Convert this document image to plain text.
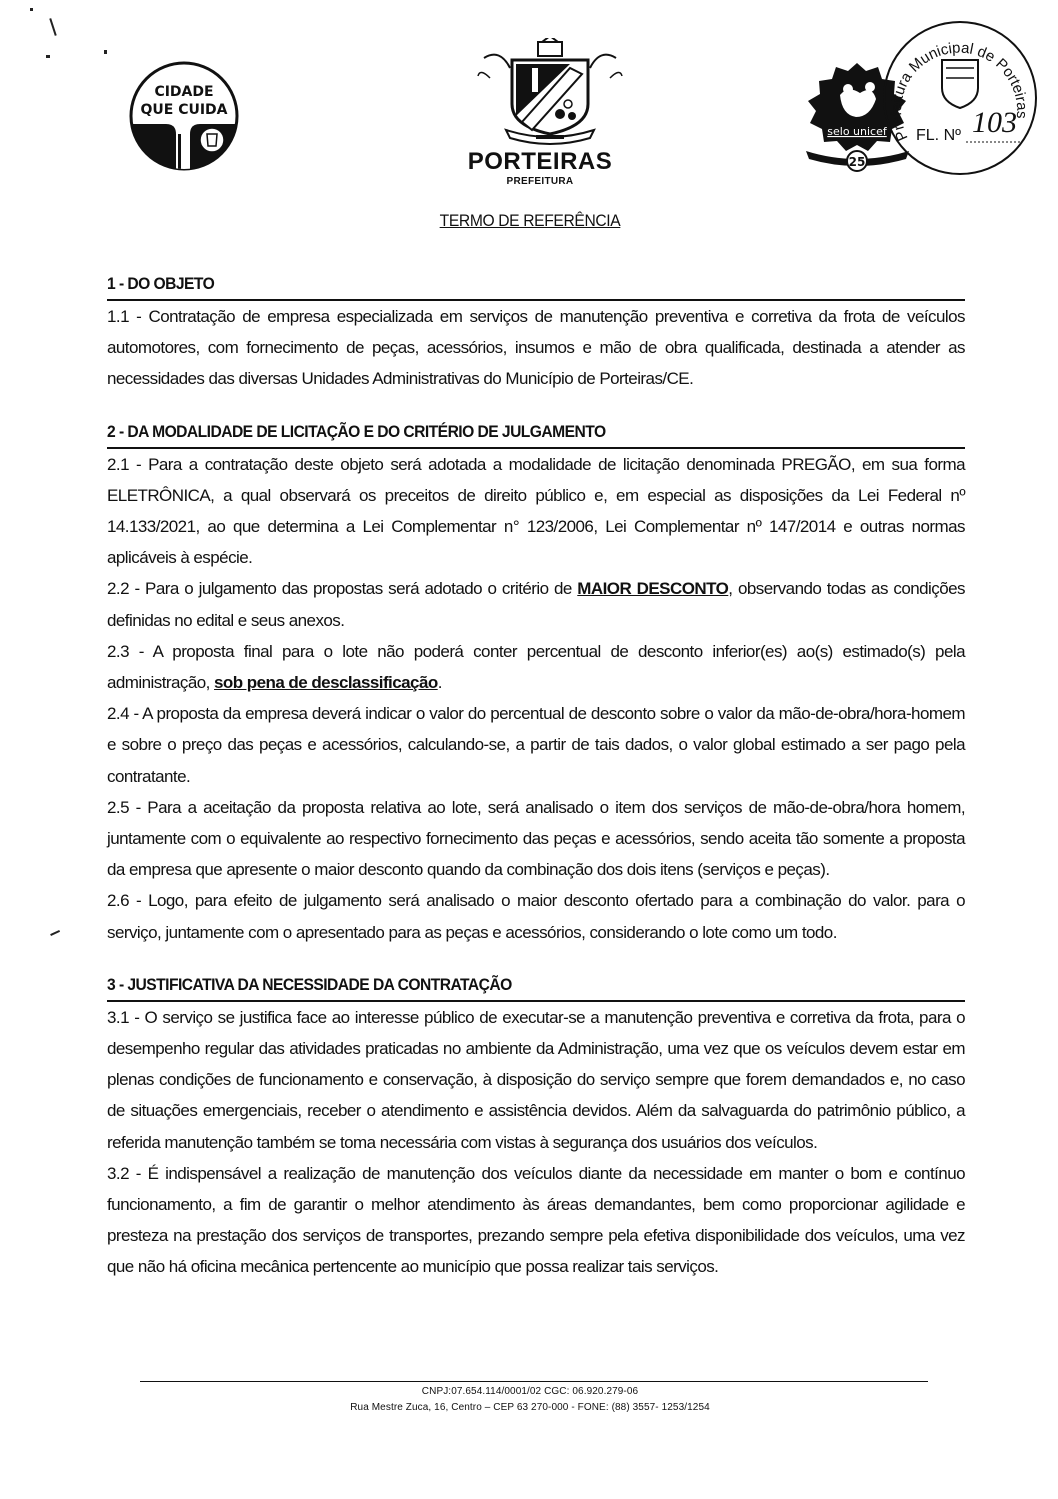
CIDADE
QUE CUIDA
PORTEIRAS
PREFEITURA
selo unicef
25
Prefeitura Municipal de Porteiras
FL. Nº 103
TERMO DE REFERÊNCIA
1 - DO OBJETO

1.1 - Contratação de empresa especializada em serviços de manutenção preventiva e corretiva da frota de veículos automotores, com fornecimento de peças, acessórios, insumos e mão de obra qualificada, destinada a atender as necessidades das diversas Unidades Administrativas do Município de Porteiras/CE.

2 - DA MODALIDADE DE LICITAÇÃO E DO CRITÉRIO DE JULGAMENTO

2.1 - Para a contratação deste objeto será adotada a modalidade de licitação denominada PREGÃO, em sua forma ELETRÔNICA, a qual observará os preceitos de direito público e, em especial as disposições da Lei Federal nº 14.133/2021, ao que determina a Lei Complementar n° 123/2006, Lei Complementar nº 147/2014 e outras normas aplicáveis à espécie.

2.2 - Para o julgamento das propostas será adotado o critério de MAIOR DESCONTO, observando todas as condições definidas no edital e seus anexos.

2.3 - A proposta final para o lote não poderá conter percentual de desconto inferior(es) ao(s) estimado(s) pela administração, sob pena de desclassificação.

2.4 - A proposta da empresa deverá indicar o valor do percentual de desconto sobre o valor da mão-de-obra/hora-homem e sobre o preço das peças e acessórios, calculando-se, a partir de tais dados, o valor global estimado a ser pago pela contratante.

2.5 - Para a aceitação da proposta relativa ao lote, será analisado o item dos serviços de mão-de-obra/hora homem, juntamente com o equivalente ao respectivo fornecimento das peças e acessórios, sendo aceita tão somente a proposta da empresa que apresente o maior desconto quando da combinação dos dois itens (serviços e peças).

2.6 - Logo, para efeito de julgamento será analisado o maior desconto ofertado para a combinação do valor. para o serviço, juntamente com o apresentado para as peças e acessórios, considerando o lote como um todo.

3 - JUSTIFICATIVA DA NECESSIDADE DA CONTRATAÇÃO

3.1 - O serviço se justifica face ao interesse público de executar-se a manutenção preventiva e corretiva da frota, para o desempenho regular das atividades praticadas no ambiente da Administração, uma vez que os veículos devem estar em plenas condições de funcionamento e conservação, à disposição do serviço sempre que forem demandados e, no caso de situações emergenciais, receber o atendimento e assistência devidos. Além da salvaguarda do patrimônio público, a referida manutenção também se toma necessária com vistas à segurança dos usuários dos veículos.

3.2 - É indispensável a realização de manutenção dos veículos diante da necessidade em manter o bom e contínuo funcionamento, a fim de garantir o melhor atendimento às áreas demandantes, bem como proporcionar agilidade e presteza na prestação dos serviços de transportes, prezando sempre pela efetiva disponibilidade dos veículos, uma vez que não há oficina mecânica pertencente ao município que possa realizar tais serviços.

CNPJ:07.654.114/0001/02 CGC: 06.920.279-06
Rua Mestre Zuca, 16, Centro – CEP 63 270-000 - FONE: (88) 3557- 1253/1254
